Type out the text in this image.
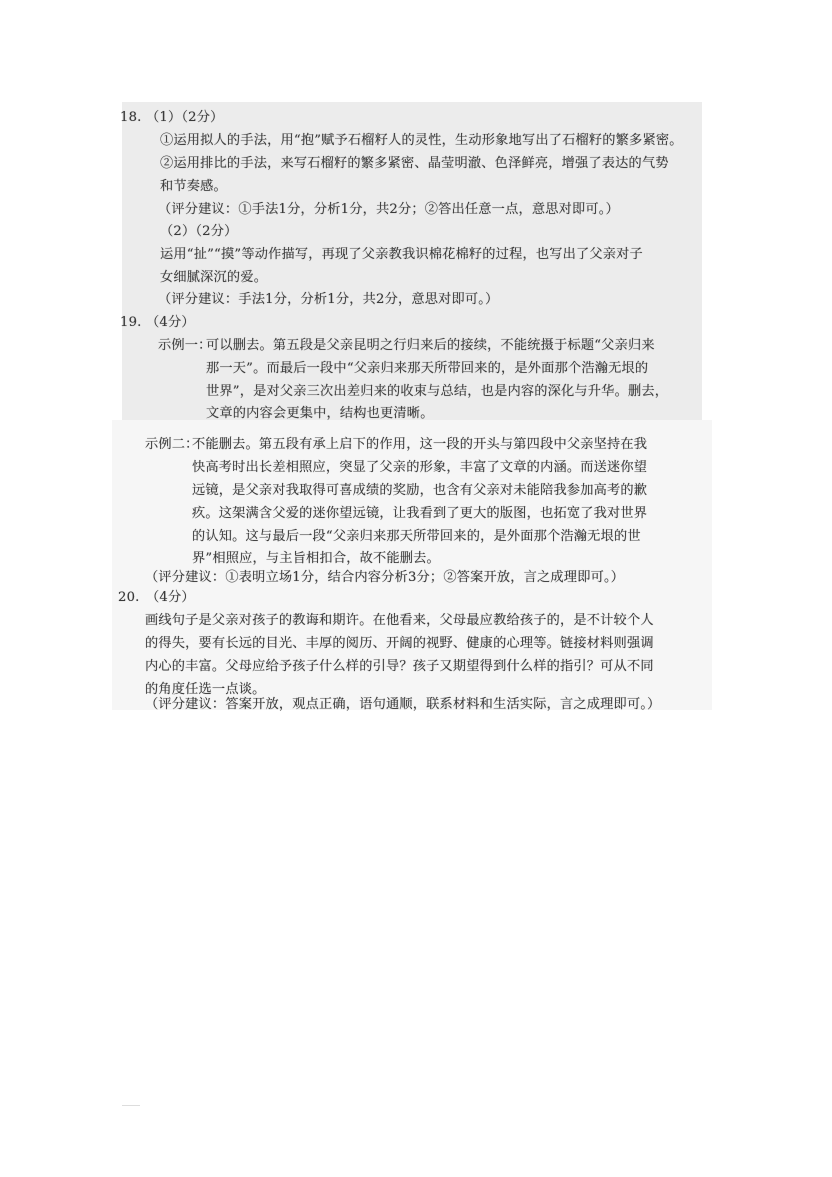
18. （1）（2分）
①运用拟人的手法，用“抱”赋予石榴籽人的灵性，生动形象地写出了石榴籽的繁多紧密。
②运用排比的手法，来写石榴籽的繁多紧密、晶莹明澈、色泽鲜亮，增强了表达的气势
和节奏感。
（评分建议：①手法1分，分析1分，共2分；②答出任意一点，意思对即可。）
（2）（2分）
运用“扯”“摸”等动作描写，再现了父亲教我识棉花棉籽的过程，也写出了父亲对子
女细腻深沉的爱。
（评分建议：手法1分，分析1分，共2分，意思对即可。）
19. （4分）
示例一：
可以删去。第五段是父亲昆明之行归来后的接续，不能统摄于标题“父亲归来
那一天”。而最后一段中“父亲归来那天所带回来的，是外面那个浩瀚无垠的
世界”，是对父亲三次出差归来的收束与总结，也是内容的深化与升华。删去，
文章的内容会更集中，结构也更清晰。
示例二：
不能删去。第五段有承上启下的作用，这一段的开头与第四段中父亲坚持在我
快高考时出长差相照应，突显了父亲的形象，丰富了文章的内涵。而送迷你望
远镜，是父亲对我取得可喜成绩的奖励，也含有父亲对未能陪我参加高考的歉
疚。这架满含父爱的迷你望远镜，让我看到了更大的版图，也拓宽了我对世界
的认知。这与最后一段“父亲归来那天所带回来的，是外面那个浩瀚无垠的世
界”相照应，与主旨相扣合，故不能删去。
（评分建议：①表明立场1分，结合内容分析3分；②答案开放，言之成理即可。）
20. （4分）
画线句子是父亲对孩子的教诲和期许。在他看来，父母最应教给孩子的，是不计较个人
的得失，要有长远的目光、丰厚的阅历、开阔的视野、健康的心理等。链接材料则强调
内心的丰富。父母应给予孩子什么样的引导？孩子又期望得到什么样的指引？可从不同
的角度任选一点谈。
（评分建议：答案开放，观点正确，语句通顺，联系材料和生活实际，言之成理即可。）
